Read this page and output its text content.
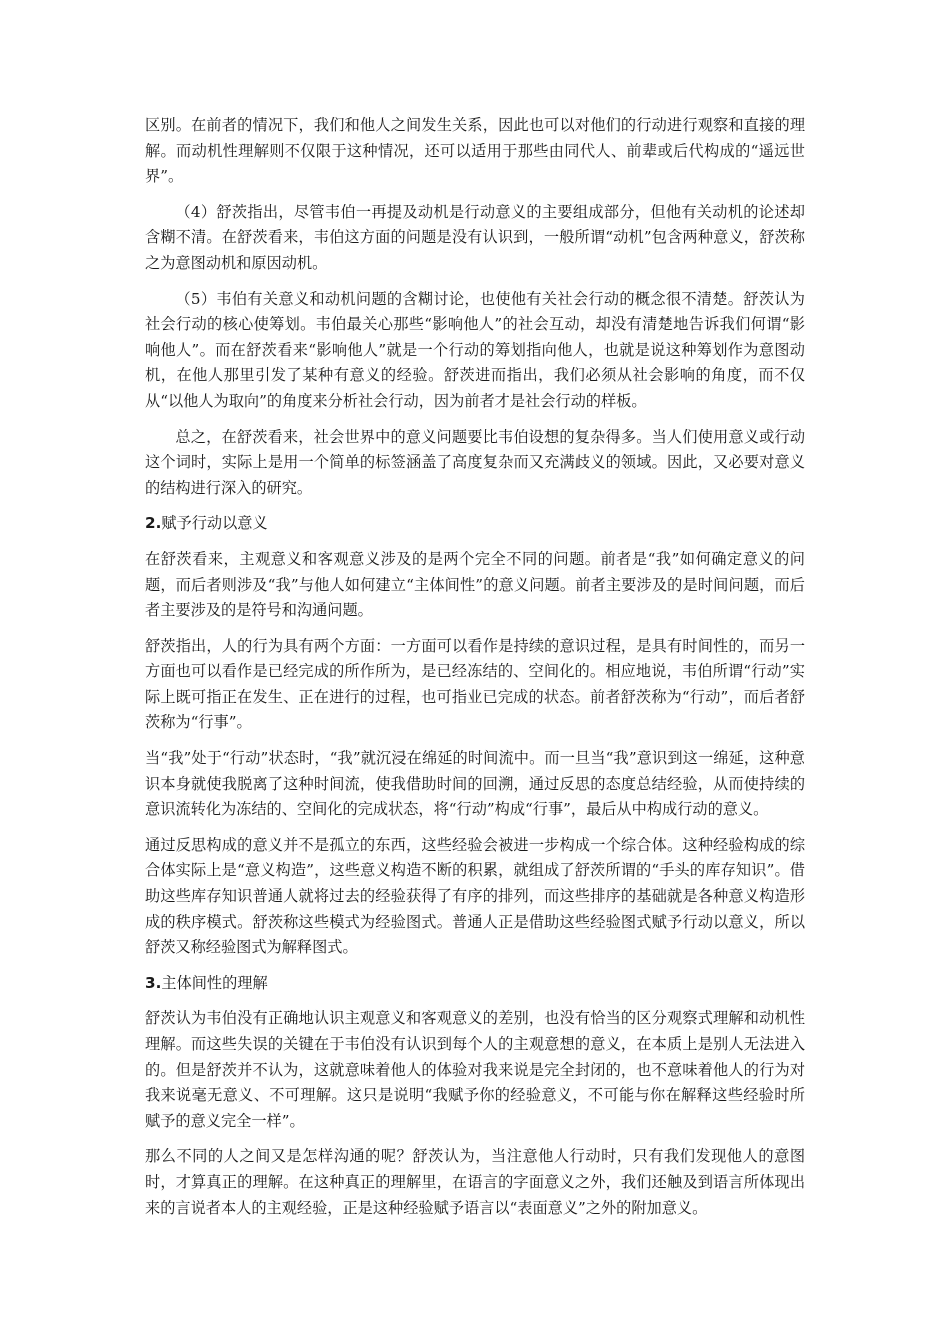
区别。在前者的情况下，我们和他人之间发生关系，因此也可以对他们的行动进行观察和直接的理解。而动机性理解则不仅限于这种情况，还可以适用于那些由同代人、前辈或后代构成的“遥远世界”。

（4）舒茨指出，尽管韦伯一再提及动机是行动意义的主要组成部分，但他有关动机的论述却含糊不清。在舒茨看来，韦伯这方面的问题是没有认识到，一般所谓“动机”包含两种意义，舒茨称之为意图动机和原因动机。

（5）韦伯有关意义和动机问题的含糊讨论，也使他有关社会行动的概念很不清楚。舒茨认为社会行动的核心使筹划。韦伯最关心那些“影响他人”的社会互动，却没有清楚地告诉我们何谓“影响他人”。而在舒茨看来“影响他人”就是一个行动的筹划指向他人，也就是说这种筹划作为意图动机，在他人那里引发了某种有意义的经验。舒茨进而指出，我们必须从社会影响的角度，而不仅从“以他人为取向”的角度来分析社会行动，因为前者才是社会行动的样板。

总之，在舒茨看来，社会世界中的意义问题要比韦伯设想的复杂得多。当人们使用意义或行动这个词时，实际上是用一个简单的标签涵盖了高度复杂而又充满歧义的领域。因此，又必要对意义的结构进行深入的研究。

2.赋予行动以意义

在舒茨看来，主观意义和客观意义涉及的是两个完全不同的问题。前者是“我”如何确定意义的问题，而后者则涉及“我”与他人如何建立“主体间性”的意义问题。前者主要涉及的是时间问题，而后者主要涉及的是符号和沟通问题。

舒茨指出，人的行为具有两个方面：一方面可以看作是持续的意识过程，是具有时间性的，而另一方面也可以看作是已经完成的所作所为，是已经冻结的、空间化的。相应地说，韦伯所谓“行动”实际上既可指正在发生、正在进行的过程，也可指业已完成的状态。前者舒茨称为“行动”，而后者舒茨称为“行事”。

当“我”处于“行动”状态时，“我”就沉浸在绵延的时间流中。而一旦当“我”意识到这一绵延，这种意识本身就使我脱离了这种时间流，使我借助时间的回溯，通过反思的态度总结经验，从而使持续的意识流转化为冻结的、空间化的完成状态，将“行动”构成“行事”，最后从中构成行动的意义。

通过反思构成的意义并不是孤立的东西，这些经验会被进一步构成一个综合体。这种经验构成的综合体实际上是“意义构造”，这些意义构造不断的积累，就组成了舒茨所谓的“手头的库存知识”。借助这些库存知识普通人就将过去的经验获得了有序的排列，而这些排序的基础就是各种意义构造形成的秩序模式。舒茨称这些模式为经验图式。普通人正是借助这些经验图式赋予行动以意义，所以舒茨又称经验图式为解释图式。

3.主体间性的理解

舒茨认为韦伯没有正确地认识主观意义和客观意义的差别，也没有恰当的区分观察式理解和动机性理解。而这些失误的关键在于韦伯没有认识到每个人的主观意想的意义，在本质上是别人无法进入的。但是舒茨并不认为，这就意味着他人的体验对我来说是完全封闭的，也不意味着他人的行为对我来说毫无意义、不可理解。这只是说明“我赋予你的经验意义，不可能与你在解释这些经验时所赋予的意义完全一样”。

那么不同的人之间又是怎样沟通的呢？舒茨认为，当注意他人行动时，只有我们发现他人的意图时，才算真正的理解。在这种真正的理解里，在语言的字面意义之外，我们还触及到语言所体现出来的言说者本人的主观经验，正是这种经验赋予语言以“表面意义”之外的附加意义。
